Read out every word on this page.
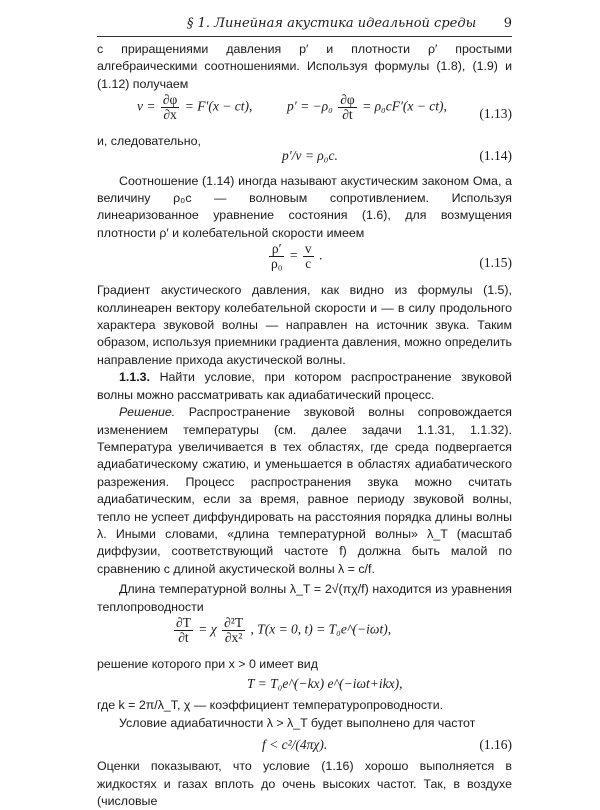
§ 1. Линейная акустика идеальной среды 9

с приращениями давления p′ и плотности ρ′ простыми алгебраическими соотношениями. Используя формулы (1.8), (1.9) и (1.12) получаем

$v = \frac{\partial\varphi}{\partial x} = F'(x - ct)$,	$p' = -\rho_0 \frac{\partial\varphi}{\partial t} = \rho_0cF'(x - ct)$, (1.13)

и, следовательно,

p′/v = ρ₀c.	(1.14)

Соотношение (1.14) иногда называют акустическим законом Ома, а величину ρ₀c — волновым сопротивлением. Используя линеаризованное уравнение состояния (1.6), для возмущения плотности ρ′ и колебательной скорости имеем

$\frac{\rho'}{\text{ρ₀}} = \frac{v}{c}$ .	(1.15)

Градиент акустического давления, как видно из формулы (1.5), коллинеарен вектору колебательной скорости и — в силу продольного характера звуковой волны — направлен на источник звука. Таким образом, используя приемники градиента давления, можно определить направление прихода акустической волны.

1.1.3. Найти условие, при котором распространение звуковой волны можно рассматривать как адиабатический процесс.

Решение. Распространение звуковой волны сопровождается изменением температуры (см. далее задачи 1.1.31, 1.1.32). Температура увеличивается в тех областях, где среда подвергается адиабатическому сжатию, и уменьшается в областях адиабатического разрежения. Процесс распространения звука можно считать адиабатическим, если за время, равное периоду звуковой волны, тепло не успеет диффундировать на расстояния порядка длины волны λ. Иными словами, «длина температурной волны» λ_T (масштаб диффузии, соответствующий частоте f) должна быть малой по сравнению с длиной акустической волны λ = c/f.

Длина температурной волны λ_T = 2√(πχ/f) находится из уравнения теплопроводности

$\frac{\partial T}{\partial t} = \chi \frac{\text{∂²T}}{\text{∂x²}}$ , T(x = 0, t) = T₀e^(−iωt),

решение которого при x > 0 имеет вид

T = T₀e^(−kx) e^(−iωt+ikx),

где k = 2π/λ_T, χ — коэффициент температуропроводности.

Условие адиабатичности λ > λ_T будет выполнено для частот

f < c²/(4πχ).	(1.16)

Оценки показывают, что условие (1.16) хорошо выполняется в жидкостях и газах вплоть до очень высоких частот. Так, в воздухе (числовые
